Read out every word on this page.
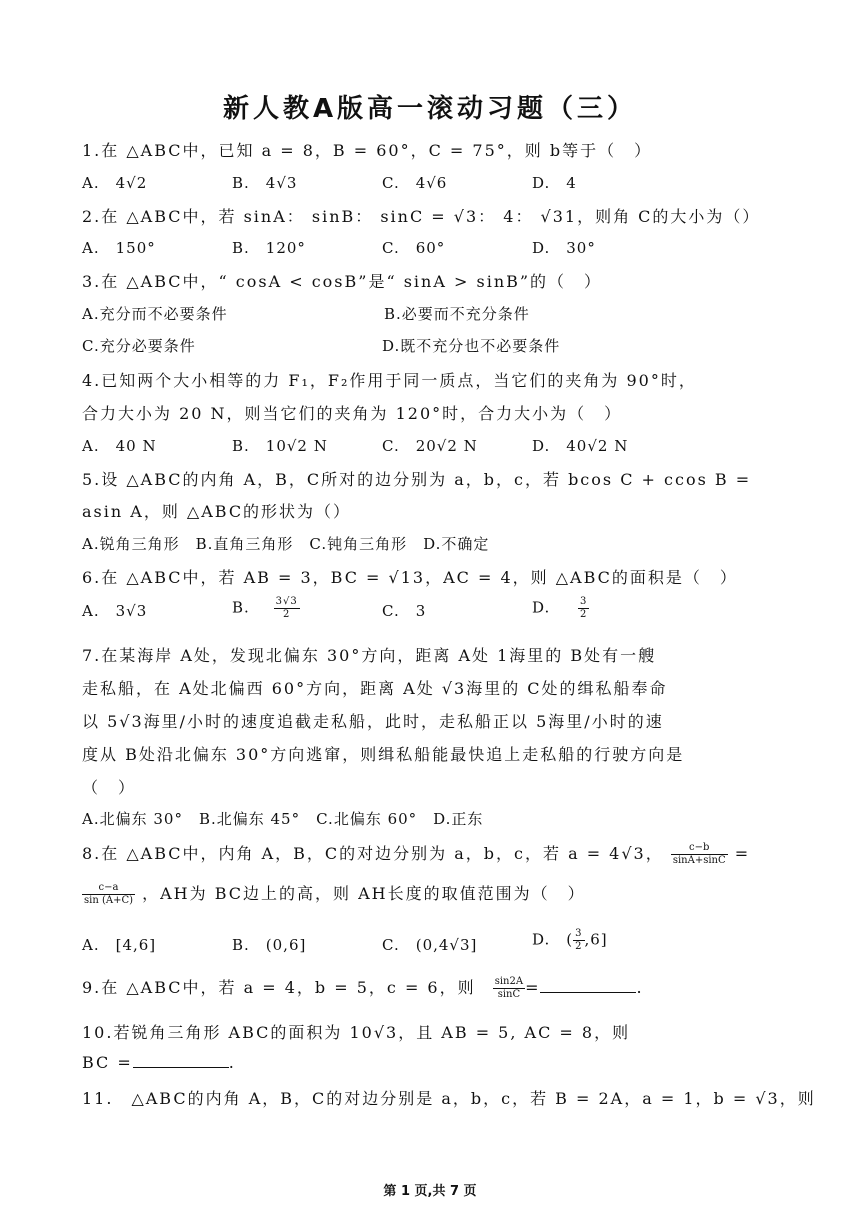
新人教A版高一滚动习题（三）
1.在 △ABC中，已知 a = 8，B = 60°，C = 75°，则 b等于（　）
A.　4√2	B.　4√3	C.　4√6	D.　4
2.在 △ABC中，若 sinA： sinB： sinC = √3： 4： √31，则角 C的大小为（）
A.　150°	B.　120°	C.　60°	D.　30°
3.在 △ABC中，“ cosA < cosB”是“ sinA > sinB”的（　）
A.充分而不必要条件	B.必要而不充分条件
C.充分必要条件	D.既不充分也不必要条件
4.已知两个大小相等的力 F₁，F₂作用于同一质点，当它们的夹角为 90°时，
合力大小为 20 N，则当它们的夹角为 120°时，合力大小为（　）
A.　40 N	B.　10√2 N	C.　20√2 N	D.　40√2 N
5.设 △ABC的内角 A，B，C所对的边分别为 a，b，c，若 bcos C + ccos B =
asin A，则 △ABC的形状为（）
A.锐角三角形　B.直角三角形　C.钝角三角形　D.不确定
6.在 △ABC中，若 AB = 3，BC = √13，AC = 4，则 △ABC的面积是（　）
A.　3√3	B. $\frac{3√3}{2}$	C.　3	D.	$\frac{3}{2}$
7.在某海岸 A处，发现北偏东 30°方向，距离 A处 1海里的 B处有一艘
走私船，在 A处北偏西 60°方向，距离 A处 √3海里的 C处的缉私船奉命
以 5√3海里/小时的速度追截走私船，此时，走私船正以 5海里/小时的速
度从 B处沿北偏东 30°方向逃窜，则缉私船能最快追上走私船的行驶方向是
（　）
A.北偏东 30°　B.北偏东 45°　C.北偏东 60°　D.正东
8.在 △ABC中，内角 A，B，C的对边分别为 a，b，c，若 a = 4√3， $\frac{c-b}{\sin A+\sin C}$ =
$\frac{c-a}{\sin (A+C)}$ ，AH为 BC边上的高，则 AH长度的取值范围为（　）
A.　[4,6]	B.　(0,6]	C.　(0,4√3]	D.　( $\frac{3}{2} ,6$]
9.在 △ABC中，若 a = 4，b = 5，c = 6，则 $\frac{\sin 2A}{\sin C}$ =	.
10.若锐角三角形 ABC的面积为 10√3，且 AB = 5, AC = 8，则
BC =	.
11.　△ABC的内角 A，B，C的对边分别是 a，b，c，若 B = 2A，a = 1，b = √3，则
第 1 页,共 7 页
